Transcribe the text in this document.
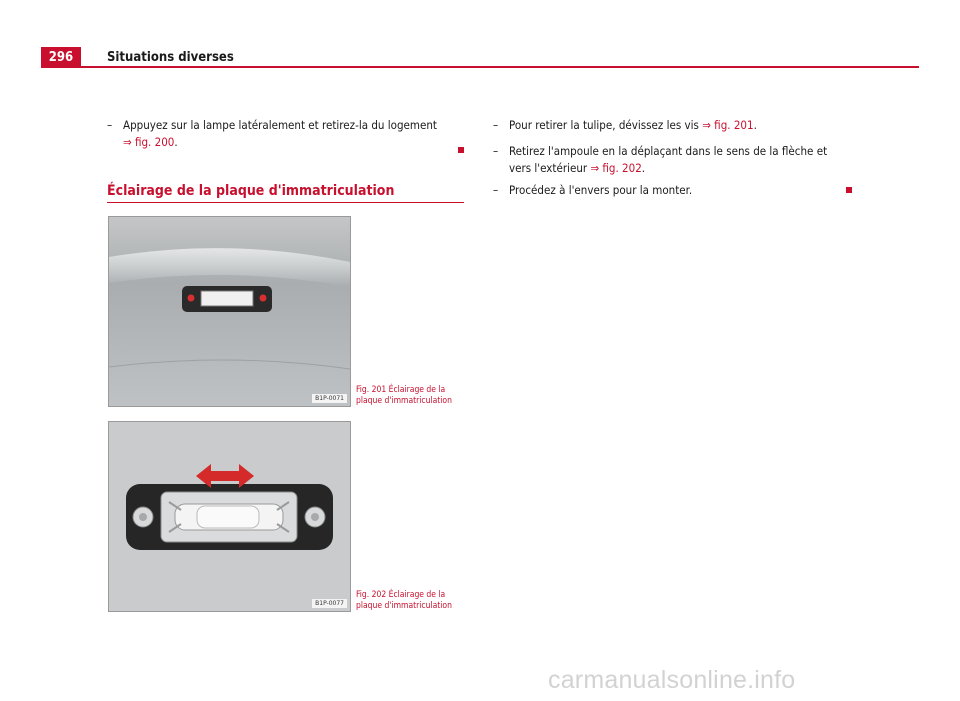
296	Situations diverses
– Appuyez sur la lampe latéralement et retirez-la du logement
⇒ fig. 200.
Éclairage de la plaque d'immatriculation
B1P-0071
Fig. 201 Éclairage de la
plaque d'immatriculation
B1P-0077
Fig. 202 Éclairage de la
plaque d'immatriculation
– Pour retirer la tulipe, dévissez les vis ⇒ fig. 201.
– Retirez l'ampoule en la déplaçant dans le sens de la flèche et
vers l'extérieur ⇒ fig. 202.
– Procédez à l'envers pour la monter.
carmanualsonline.info
